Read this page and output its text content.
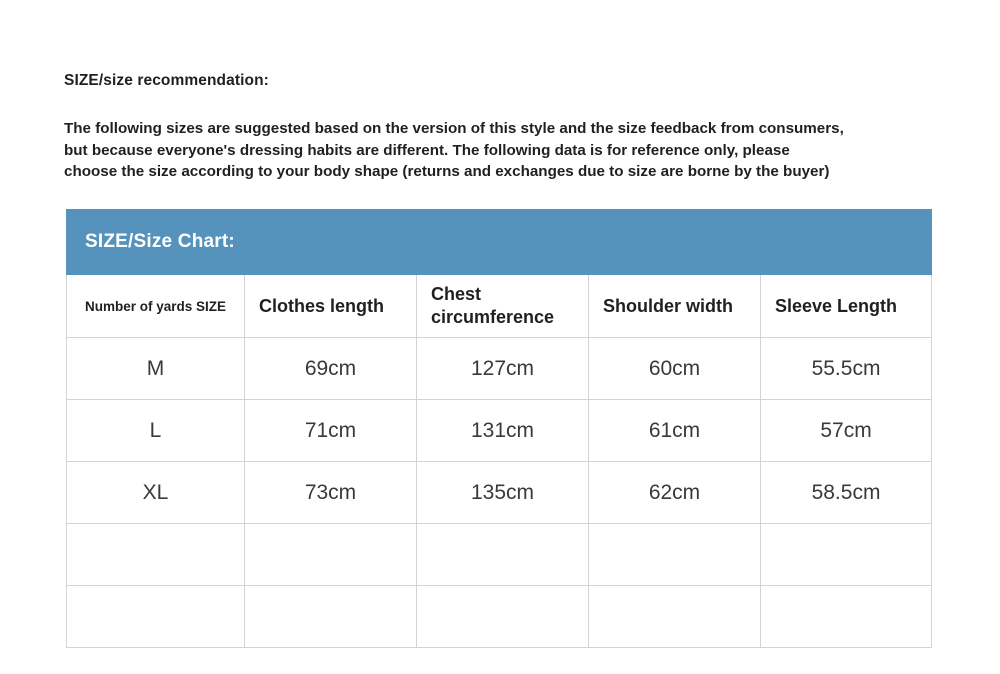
SIZE/size recommendation:

The following sizes are suggested based on the version of this style and the size feedback from consumers,

but because everyone's dressing habits are different. The following data is for reference only, please

choose the size according to your body shape (returns and exchanges due to size are borne by the buyer)

SIZE/Size Chart:				
Number of yards SIZE	Clothes length	Chest circumference	Shoulder width	Sleeve Length
M	69cm	127cm	60cm	55.5cm
L	71cm	131cm	61cm	57cm
XL	73cm	135cm	62cm	58.5cm
